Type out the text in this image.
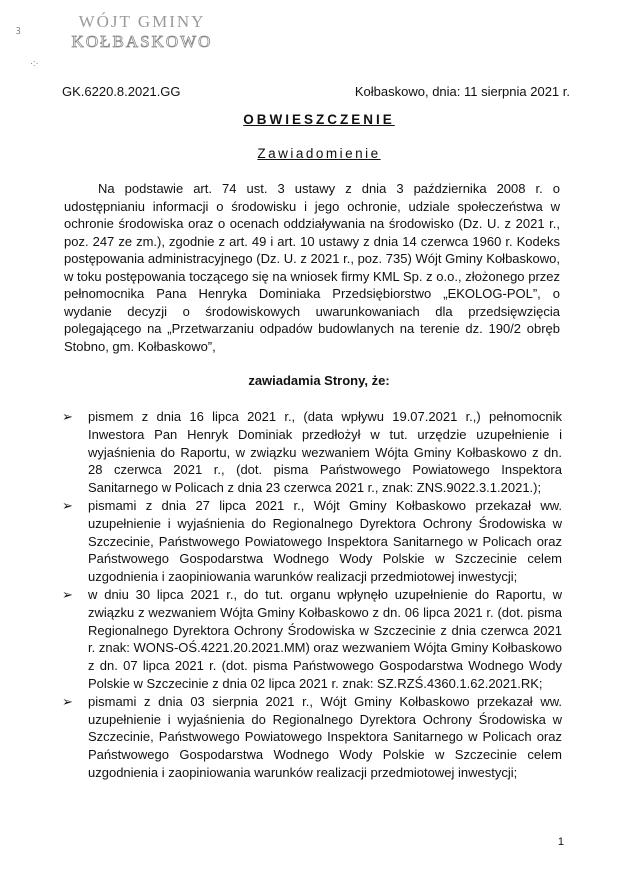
WÓJT GMINY
KOŁBASKOWO
ꝫ
·:·
GK.6220.8.2021.GG	Kołbaskowo, dnia: 11 sierpnia 2021 r.
OBWIESZCZENIE
Zawiadomienie

Na podstawie art. 74 ust. 3 ustawy z dnia 3 października 2008 r. o udostępnianiu informacji o środowisku i jego ochronie, udziale społeczeństwa w ochronie środowiska oraz o ocenach oddziaływania na środowisko (Dz. U. z 2021 r., poz. 247 ze zm.), zgodnie z art. 49 i art. 10 ustawy z dnia 14 czerwca 1960 r. Kodeks postępowania administracyjnego (Dz. U. z 2021 r., poz. 735) Wójt Gminy Kołbaskowo, w toku postępowania toczącego się na wniosek firmy KML Sp. z o.o., złożonego przez pełnomocnika Pana Henryka Dominiaka Przedsiębiorstwo „EKOLOG-POL”, o wydanie decyzji o środowiskowych uwarunkowaniach dla przedsięwzięcia polegającego na „Przetwarzaniu odpadów budowlanych na terenie dz. 190/2 obręb Stobno, gm. Kołbaskowo”,

zawiadamia Strony, że:
➢ pismem z dnia 16 lipca 2021 r., (data wpływu 19.07.2021 r.,) pełnomocnik Inwestora Pan Henryk Dominiak przedłożył w tut. urzędzie uzupełnienie i wyjaśnienia do Raportu, w związku wezwaniem Wójta Gminy Kołbaskowo z dn. 28 czerwca 2021 r., (dot. pisma Państwowego Powiatowego Inspektora Sanitarnego w Policach z dnia 23 czerwca 2021 r., znak: ZNS.9022.3.1.2021.);
➢ pismami z dnia 27 lipca 2021 r., Wójt Gminy Kołbaskowo przekazał ww. uzupełnienie i wyjaśnienia do Regionalnego Dyrektora Ochrony Środowiska w Szczecinie, Państwowego Powiatowego Inspektora Sanitarnego w Policach oraz Państwowego Gospodarstwa Wodnego Wody Polskie w Szczecinie celem uzgodnienia i zaopiniowania warunków realizacji przedmiotowej inwestycji;
➢ w dniu 30 lipca 2021 r., do tut. organu wpłynęło uzupełnienie do Raportu, w związku z wezwaniem Wójta Gminy Kołbaskowo z dn. 06 lipca 2021 r. (dot. pisma Regionalnego Dyrektora Ochrony Środowiska w Szczecinie z dnia czerwca 2021 r. znak: WONS-OŚ.4221.20.2021.MM) oraz wezwaniem Wójta Gminy Kołbaskowo z dn. 07 lipca 2021 r. (dot. pisma Państwowego Gospodarstwa Wodnego Wody Polskie w Szczecinie z dnia 02 lipca 2021 r. znak: SZ.RZŚ.4360.1.62.2021.RK;
➢ pismami z dnia 03 sierpnia 2021 r., Wójt Gminy Kołbaskowo przekazał ww. uzupełnienie i wyjaśnienia do Regionalnego Dyrektora Ochrony Środowiska w Szczecinie, Państwowego Powiatowego Inspektora Sanitarnego w Policach oraz Państwowego Gospodarstwa Wodnego Wody Polskie w Szczecinie celem uzgodnienia i zaopiniowania warunków realizacji przedmiotowej inwestycji;
1
